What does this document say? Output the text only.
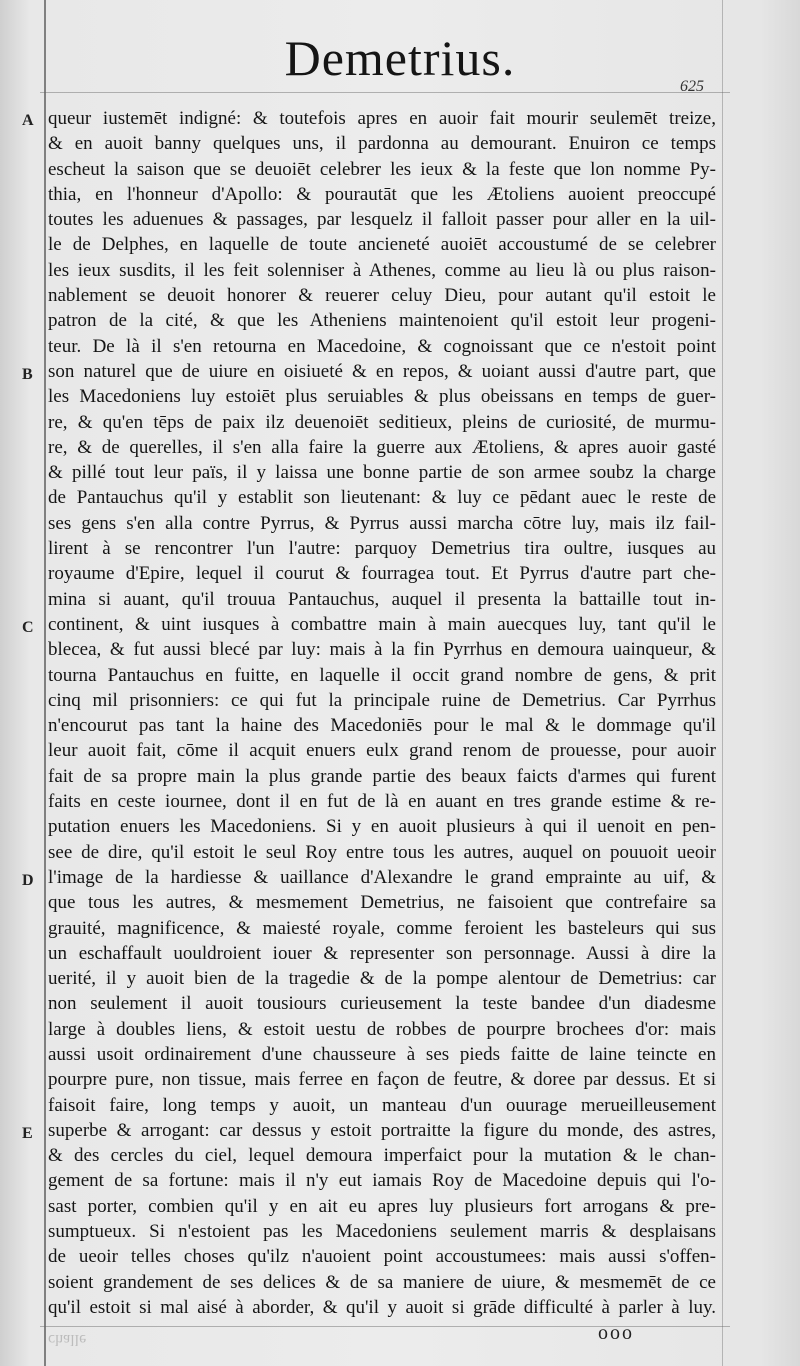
Demetrius.
625
A
B
C
D
E
queur iustemēt indigné: & toutefois apres en auoir fait mourir seulemēt treize,
& en auoit banny quelques uns, il pardonna au demourant. Enuiron ce temps
escheut la saison que se deuoiēt celebrer les ieux & la feste que lon nomme Py-
thia, en l'honneur d'Apollo: & pourautāt que les Ætoliens auoient preoccupé
toutes les aduenues & passages, par lesquelz il falloit passer pour aller en la uil-
le de Delphes, en laquelle de toute ancieneté auoiēt accoustumé de se celebrer
les ieux susdits, il les feit solenniser à Athenes, comme au lieu là ou plus raison-
nablement se deuoit honorer & reuerer celuy Dieu, pour autant qu'il estoit le
patron de la cité, & que les Atheniens maintenoient qu'il estoit leur progeni-
teur. De là il s'en retourna en Macedoine, & cognoissant que ce n'estoit point
son naturel que de uiure en oisiueté & en repos, & uoiant aussi d'autre part, que
les Macedoniens luy estoiēt plus seruiables & plus obeissans en temps de guer-
re, & qu'en tēps de paix ilz deuenoiēt seditieux, pleins de curiosité, de murmu-
re, & de querelles, il s'en alla faire la guerre aux Ætoliens, & apres auoir gasté
& pillé tout leur païs, il y laissa une bonne partie de son armee soubz la charge
de Pantauchus qu'il y establit son lieutenant: & luy ce pēdant auec le reste de
ses gens s'en alla contre Pyrrus, & Pyrrus aussi marcha cōtre luy, mais ilz fail-
lirent à se rencontrer l'un l'autre: parquoy Demetrius tira oultre, iusques au
royaume d'Epire, lequel il courut & fourragea tout. Et Pyrrus d'autre part che-
mina si auant, qu'il trouua Pantauchus, auquel il presenta la battaille tout in-
continent, & uint iusques à combattre main à main auecques luy, tant qu'il le
blecea, & fut aussi blecé par luy: mais à la fin Pyrrhus en demoura uainqueur, &
tourna Pantauchus en fuitte, en laquelle il occit grand nombre de gens, & prit
cinq mil prisonniers: ce qui fut la principale ruine de Demetrius. Car Pyrrhus
n'encourut pas tant la haine des Macedoniēs pour le mal & le dommage qu'il
leur auoit fait, cōme il acquit enuers eulx grand renom de prouesse, pour auoir
fait de sa propre main la plus grande partie des beaux faicts d'armes qui furent
faits en ceste iournee, dont il en fut de là en auant en tres grande estime & re-
putation enuers les Macedoniens. Si y en auoit plusieurs à qui il uenoit en pen-
see de dire, qu'il estoit le seul Roy entre tous les autres, auquel on pouuoit ueoir
l'image de la hardiesse & uaillance d'Alexandre le grand emprainte au uif, &
que tous les autres, & mesmement Demetrius, ne faisoient que contrefaire sa
grauité, magnificence, & maiesté royale, comme feroient les basteleurs qui sus
un eschaffault uouldroient iouer & representer son personnage. Aussi à dire la
uerité, il y auoit bien de la tragedie & de la pompe alentour de Demetrius: car
non seulement il auoit tousiours curieusement la teste bandee d'un diadesme
large à doubles liens, & estoit uestu de robbes de pourpre brochees d'or: mais
aussi usoit ordinairement d'une chausseure à ses pieds faitte de laine teincte en
pourpre pure, non tissue, mais ferree en façon de feutre, & doree par dessus. Et si
faisoit faire, long temps y auoit, un manteau d'un ouurage merueilleusement
superbe & arrogant: car dessus y estoit portraitte la figure du monde, des astres,
& des cercles du ciel, lequel demoura imperfaict pour la mutation & le chan-
gement de sa fortune: mais il n'y eut iamais Roy de Macedoine depuis qui l'o-
sast porter, combien qu'il y en ait eu apres luy plusieurs fort arrogans & pre-
sumptueux. Si n'estoient pas les Macedoniens seulement marris & desplaisans
de ueoir telles choses qu'ilz n'auoient point accoustumees: mais aussi s'offen-
soient grandement de ses delices & de sa maniere de uiure, & mesmemēt de ce
qu'il estoit si mal aisé à aborder, & qu'il y auoit si grāde difficulté à parler à luy.
challe	ooo
